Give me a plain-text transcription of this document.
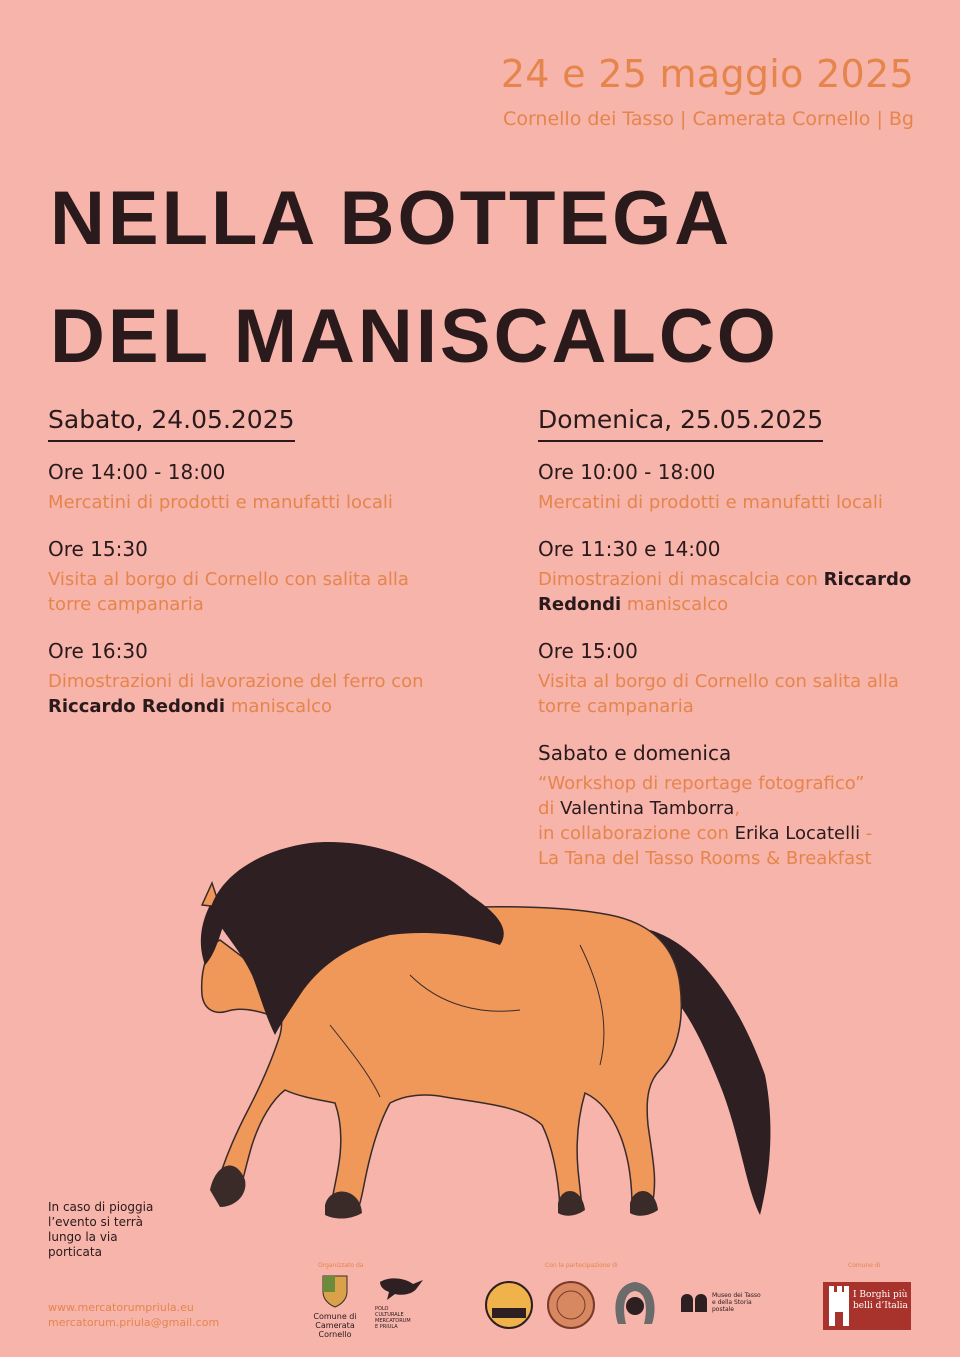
24 e 25 maggio 2025
Cornello dei Tasso | Camerata Cornello | Bg
NELLA BOTTEGA
DEL MANISCALCO
Sabato, 24.05.2025
Ore 14:00 - 18:00
Mercatini di prodotti e manufatti locali
Ore 15:30
Visita al borgo di Cornello con salita alla torre campanaria
Ore 16:30
Dimostrazioni di lavorazione del ferro con Riccardo Redondi maniscalco
Domenica, 25.05.2025
Ore 10:00 - 18:00
Mercatini di prodotti e manufatti locali
Ore 11:30 e 14:00
Dimostrazioni di mascalcia con Riccardo Redondi maniscalco
Ore 15:00
Visita al borgo di Cornello con salita alla torre campanaria
Sabato e domenica
“Workshop di reportage fotografico”
di Valentina Tamborra,
in collaborazione con Erika Locatelli -
La Tana del Tasso Rooms & Breakfast
In caso di pioggia l’evento si terrà lungo la via porticata
www.mercatorumpriula.eu
mercatorum.priula@gmail.com
Organizzato da	Con la partecipazione di	Comune di
Comune di
Camerata Cornello
POLO CULTURALE MERCATORUM E PRIULA
Museo dei Tasso e della Storia postale
I Borghi più belli d’Italia
